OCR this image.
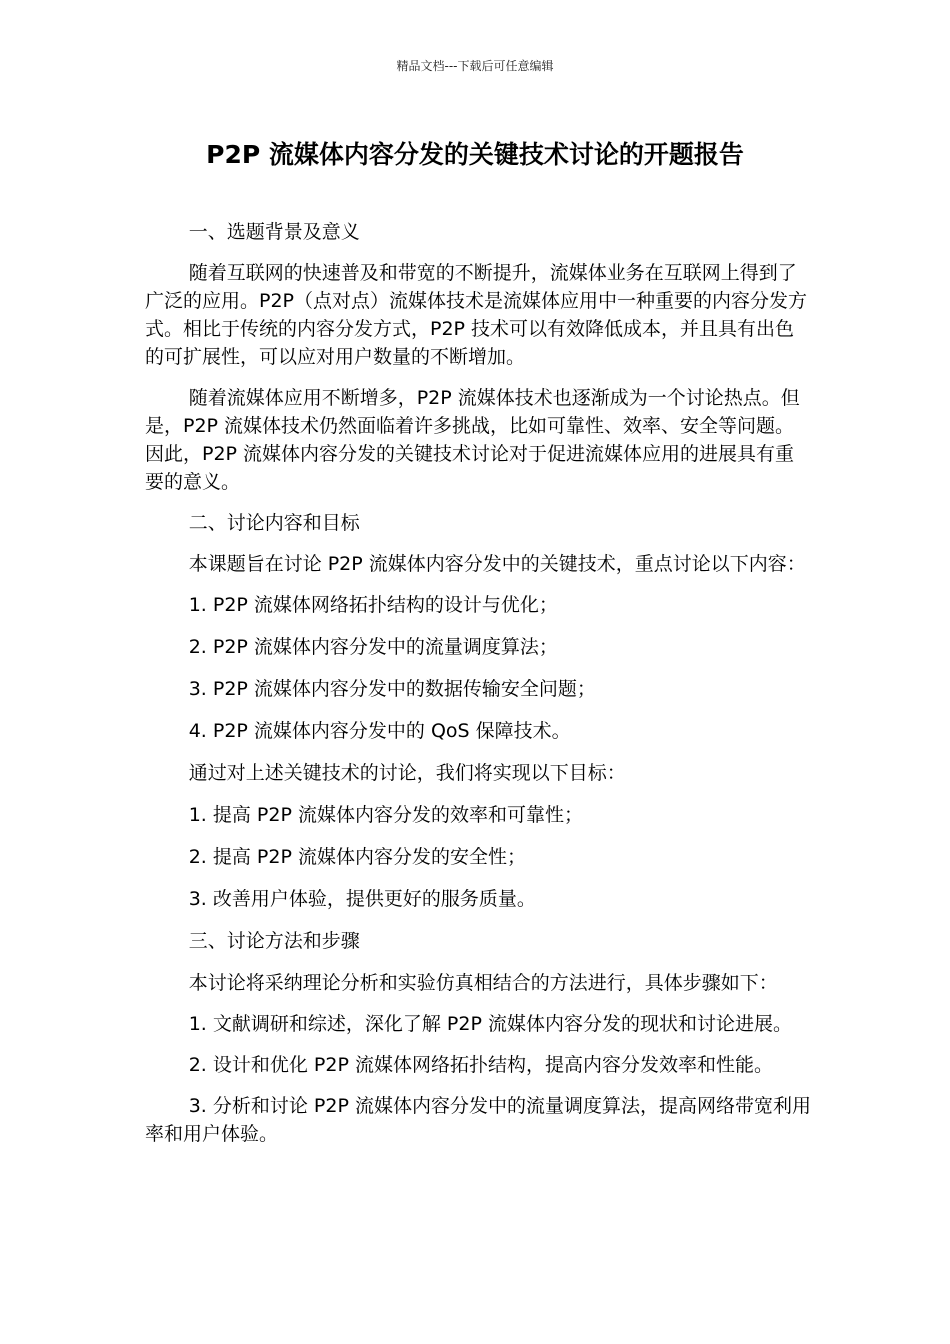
精品文档---下载后可任意编辑
P2P 流媒体内容分发的关键技术讨论的开题报告

一、选题背景及意义

随着互联网的快速普及和带宽的不断提升，流媒体业务在互联网上得到了广泛的应用。P2P（点对点）流媒体技术是流媒体应用中一种重要的内容分发方式。相比于传统的内容分发方式，P2P 技术可以有效降低成本，并且具有出色的可扩展性，可以应对用户数量的不断增加。

随着流媒体应用不断增多，P2P 流媒体技术也逐渐成为一个讨论热点。但是，P2P 流媒体技术仍然面临着许多挑战，比如可靠性、效率、安全等问题。因此，P2P 流媒体内容分发的关键技术讨论对于促进流媒体应用的进展具有重要的意义。

二、讨论内容和目标

本课题旨在讨论 P2P 流媒体内容分发中的关键技术，重点讨论以下内容：

1. P2P 流媒体网络拓扑结构的设计与优化；

2. P2P 流媒体内容分发中的流量调度算法；

3. P2P 流媒体内容分发中的数据传输安全问题；

4. P2P 流媒体内容分发中的 QoS 保障技术。

通过对上述关键技术的讨论，我们将实现以下目标：

1. 提高 P2P 流媒体内容分发的效率和可靠性；

2. 提高 P2P 流媒体内容分发的安全性；

3. 改善用户体验，提供更好的服务质量。

三、讨论方法和步骤

本讨论将采纳理论分析和实验仿真相结合的方法进行，具体步骤如下：

1. 文献调研和综述，深化了解 P2P 流媒体内容分发的现状和讨论进展。

2. 设计和优化 P2P 流媒体网络拓扑结构，提高内容分发效率和性能。

3. 分析和讨论 P2P 流媒体内容分发中的流量调度算法，提高网络带宽利用率和用户体验。
